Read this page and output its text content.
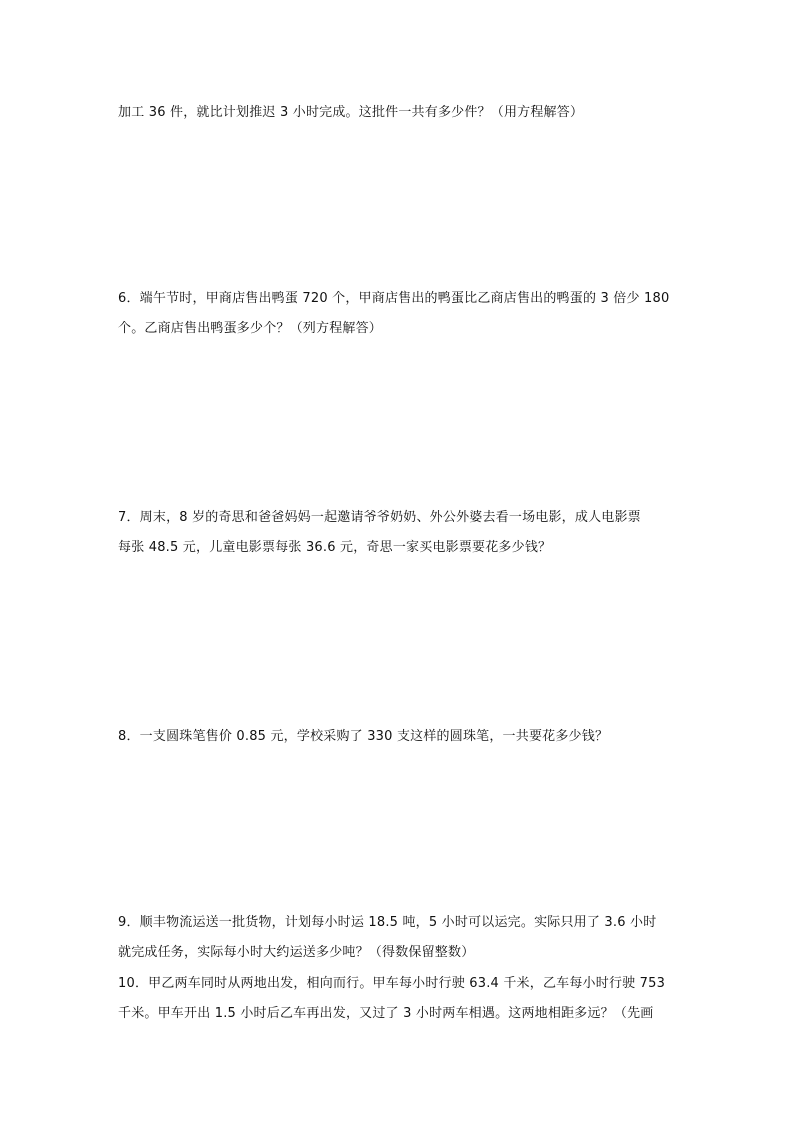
加工 36 件，就比计划推迟 3 小时完成。这批件一共有多少件？（用方程解答）
6．端午节时，甲商店售出鸭蛋 720 个，甲商店售出的鸭蛋比乙商店售出的鸭蛋的 3 倍少 180
个。乙商店售出鸭蛋多少个？（列方程解答）
7．周末，8 岁的奇思和爸爸妈妈一起邀请爷爷奶奶、外公外婆去看一场电影，成人电影票
每张 48.5 元，儿童电影票每张 36.6 元，奇思一家买电影票要花多少钱？
8．一支圆珠笔售价 0.85 元，学校采购了 330 支这样的圆珠笔，一共要花多少钱？
9．顺丰物流运送一批货物，计划每小时运 18.5 吨，5 小时可以运完。实际只用了 3.6 小时
就完成任务，实际每小时大约运送多少吨？（得数保留整数）
10．甲乙两车同时从两地出发，相向而行。甲车每小时行驶 63.4 千米，乙车每小时行驶 753
千米。甲车开出 1.5 小时后乙车再出发，又过了 3 小时两车相遇。这两地相距多远？（先画
